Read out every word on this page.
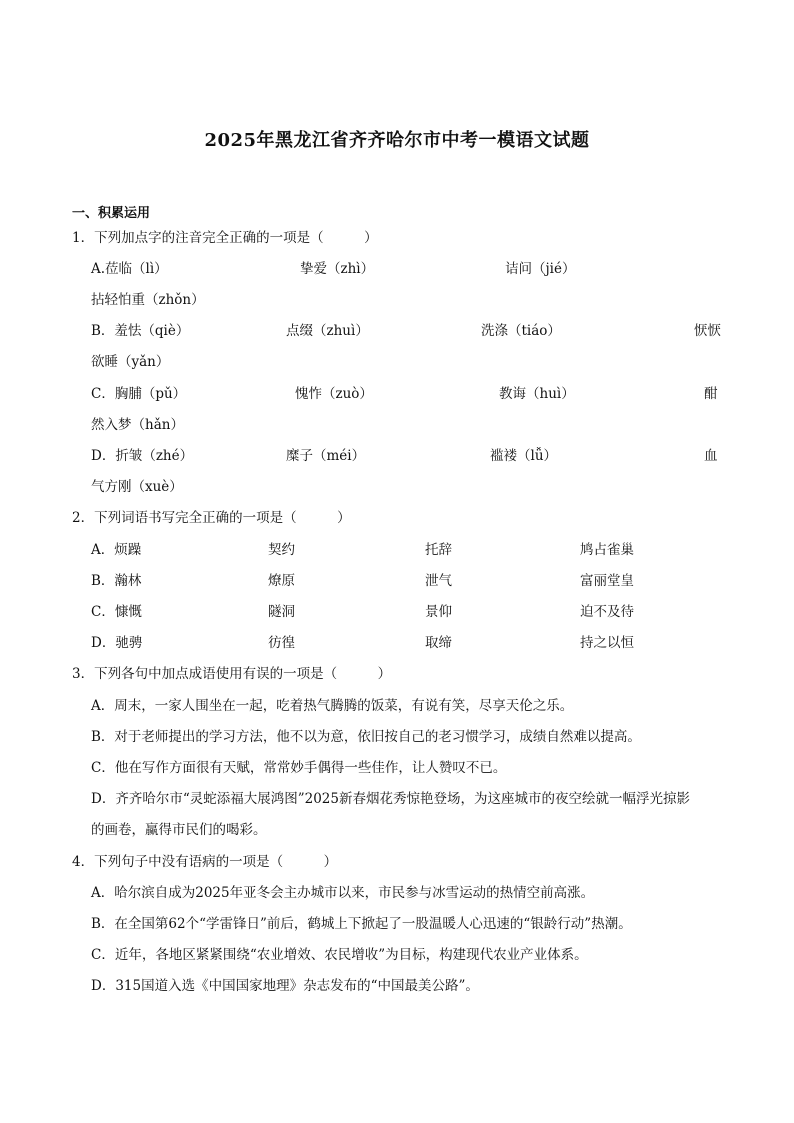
2025年黑龙江省齐齐哈尔市中考一模语文试题
一、积累运用
1．下列加点字的注音完全正确的一项是（　　　）
A.莅临（lì）	挚爱（zhì）	诘问（jié）
拈轻怕重（zhǒn）
B．羞怯（qiè）	点缀（zhuì）	洗涤（tiáo）	恹恹
欲睡（yǎn）
C．胸脯（pǔ）	愧怍（zuò）	教诲（huì）	酣
然入梦（hǎn）
D．折皱（zhé）	糜子（méi）	褴褛（lǚ）	血
气方刚（xuè）
2．下列词语书写完全正确的一项是（　　　）
A．烦躁	契约	托辞	鸠占雀巢
B．瀚林	燎原	泄气	富丽堂皇
C．慷慨	隧洞	景仰	迫不及待
D．驰骋	彷徨	取缔	持之以恒
3．下列各句中加点成语使用有误的一项是（　　　）
A．周末，一家人围坐在一起，吃着热气腾腾的饭菜，有说有笑，尽享天伦之乐。
B．对于老师提出的学习方法，他不以为意，依旧按自己的老习惯学习，成绩自然难以提高。
C．他在写作方面很有天赋，常常妙手偶得一些佳作，让人赞叹不已。
D．齐齐哈尔市“灵蛇添福大展鸿图”2025新春烟花秀惊艳登场，为这座城市的夜空绘就一幅浮光掠影
的画卷，赢得市民们的喝彩。
4．下列句子中没有语病的一项是（　　　）
A．哈尔滨自成为2025年亚冬会主办城市以来，市民参与冰雪运动的热情空前高涨。
B．在全国第62个“学雷锋日”前后，鹤城上下掀起了一股温暖人心迅速的“银龄行动”热潮。
C．近年，各地区紧紧围绕“农业增效、农民增收”为目标，构建现代农业产业体系。
D．315国道入选《中国国家地理》杂志发布的“中国最美公路”。
